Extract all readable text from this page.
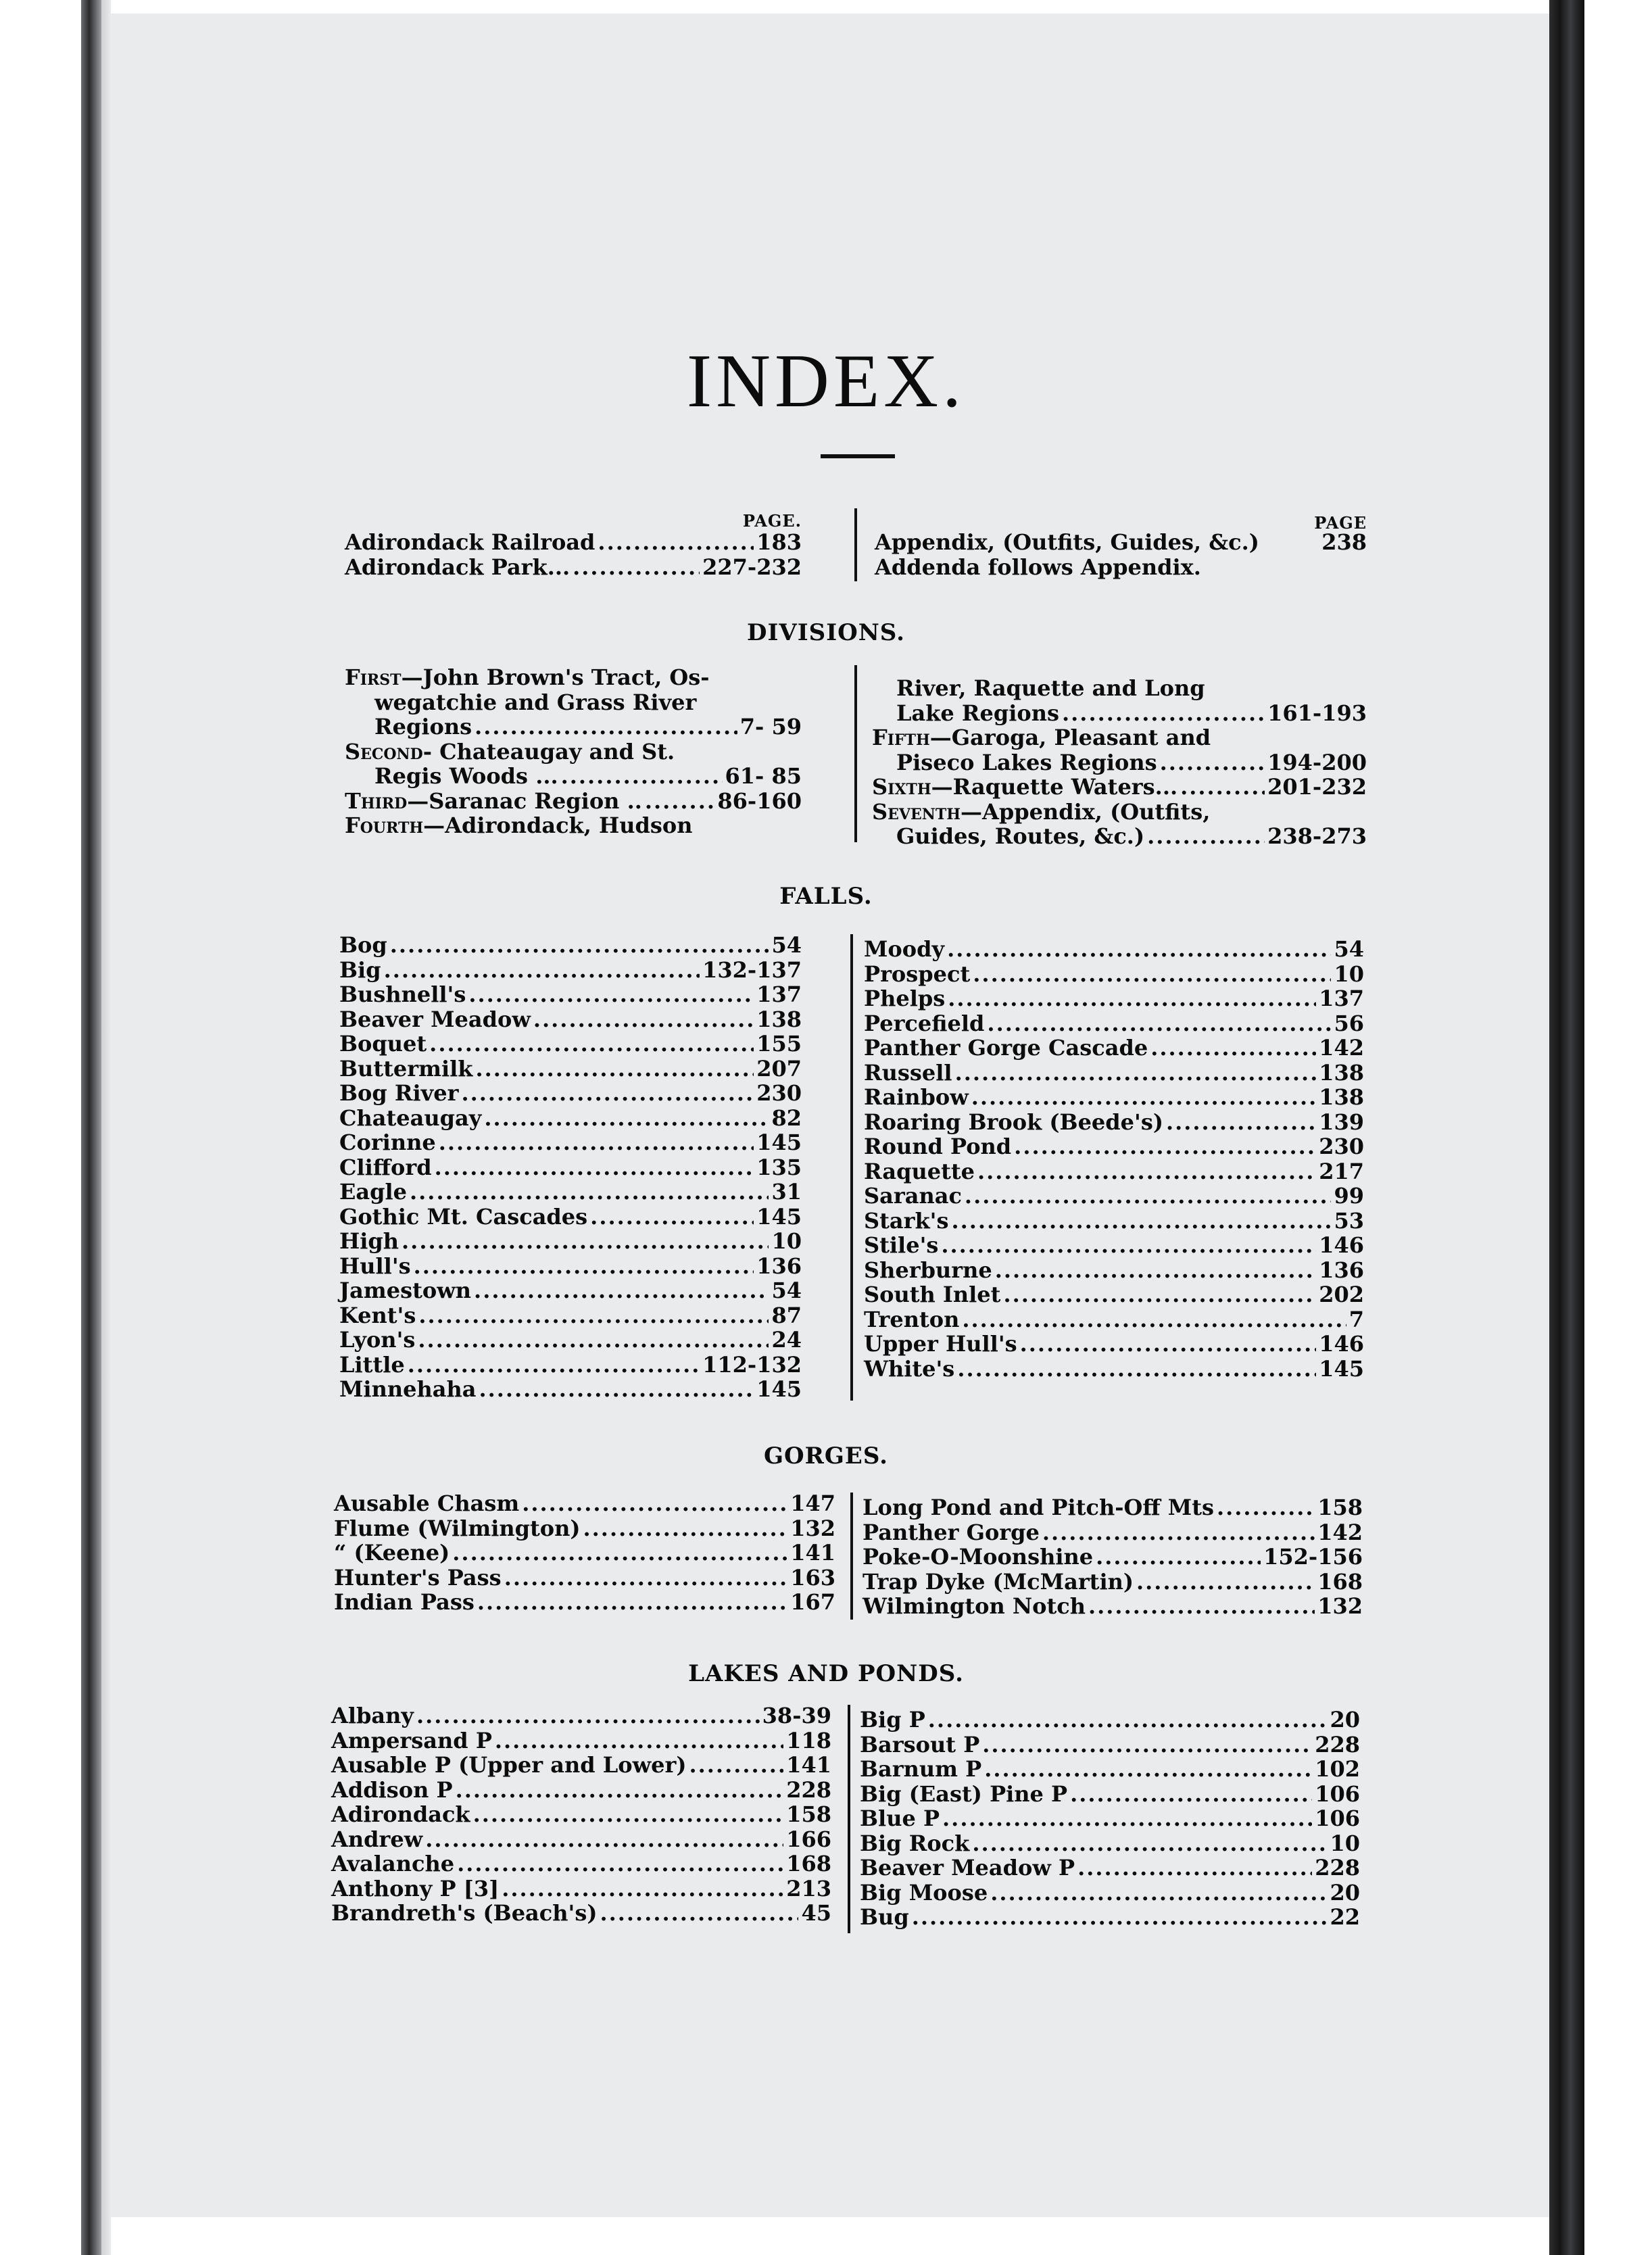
INDEX.
PAGE.
Adirondack Railroad .....	183
Adirondack Park... .....	227-232
PAGE
Appendix, (Outfits, Guides, &c.)	238
Addenda follows Appendix.
DIVISIONS.
First—John Brown's Tract, Os-
wegatchie and Grass River
Regions .....	7- 59
Second- Chateaugay and St.
Regis Woods ... .....	61- 85
Third—Saranac Region .. .....	86-160
Fourth—Adirondack, Hudson
River, Raquette and Long
Lake Regions .....	161-193
Fifth—Garoga, Pleasant and
Piseco Lakes Regions .....	194-200
Sixth—Raquette Waters... .....	201-232
Seventh—Appendix, (Outfits,
Guides, Routes, &c.) .....	238-273
FALLS.
Bog .....	54
Big .....	132-137
Bushnell's .....	137
Beaver Meadow .....	138
Boquet .....	155
Buttermilk .....	207
Bog River .....	230
Chateaugay .....	82
Corinne .....	145
Clifford .....	135
Eagle .....	31
Gothic Mt. Cascades .....	145
High .....	10
Hull's .....	136
Jamestown .....	54
Kent's .....	87
Lyon's .....	24
Little .....	112-132
Minnehaha .....	145
Moody .....	54
Prospect .....	10
Phelps .....	137
Percefield .....	56
Panther Gorge Cascade .....	142
Russell .....	138
Rainbow .....	138
Roaring Brook (Beede's) .....	139
Round Pond .....	230
Raquette .....	217
Saranac .....	99
Stark's .....	53
Stile's .....	146
Sherburne .....	136
South Inlet .....	202
Trenton .....	7
Upper Hull's .....	146
White's .....	145
GORGES.
Ausable Chasm .....	147
Flume (Wilmington) .....	132
“ (Keene) .....	141
Hunter's Pass .....	163
Indian Pass .....	167
Long Pond and Pitch-Off Mts .....	158
Panther Gorge .....	142
Poke-O-Moonshine .....	152-156
Trap Dyke (McMartin) .....	168
Wilmington Notch .....	132
LAKES AND PONDS.
Albany .....	38-39
Ampersand P .....	118
Ausable P (Upper and Lower) .....	141
Addison P .....	228
Adirondack .....	158
Andrew .....	166
Avalanche .....	168
Anthony P [3] .....	213
Brandreth's (Beach's) .....	45
Big P .....	20
Barsout P .....	228
Barnum P .....	102
Big (East) Pine P .....	106
Blue P .....	106
Big Rock .....	10
Beaver Meadow P .....	228
Big Moose .....	20
Bug .....	22
